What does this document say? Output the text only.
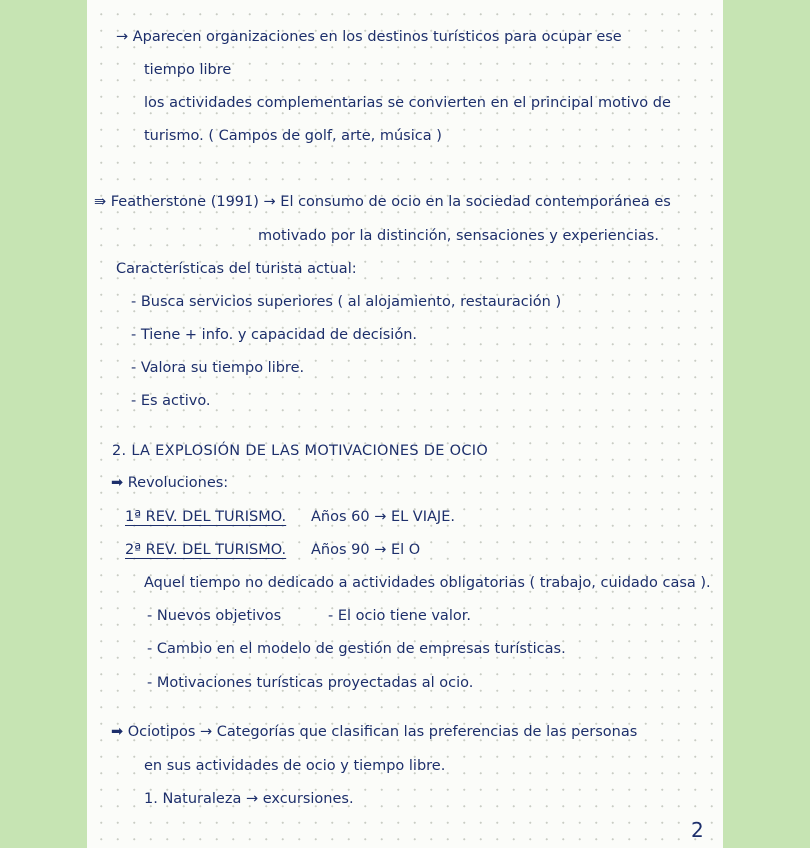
→ Aparecen organizaciones en los destinos turísticos para ocupar ese

tiempo libre

los actividades complementarias se convierten en el principal motivo de

turismo. ( Campos de golf, arte, música )

⇛ Featherstone (1991) → El consumo de ocio en la sociedad contemporánea es

motivado por la distinción, sensaciones y experiencias.

Características del turista actual:

- Busca servicios superiores ( al alojamiento, restauración )

- Tiene + info. y capacidad de decisión.

- Valora su tiempo libre.

- Es activo.

2. LA EXPLOSIÓN DE LAS MOTIVACIONES DE OCIO

➡ Revoluciones:

1ª REV. DEL TURISMO. Años 60 → EL VIAJE.

2ª REV. DEL TURISMO. Años 90 → El O

Aquel tiempo no dedicado a actividades obligatorias ( trabajo, cuidado casa ).

- Nuevos objetivos	- El ocio tiene valor.

- Cambio en el modelo de gestión de empresas turísticas.

- Motivaciones turísticas proyectadas al ocio.

➡ Ociotipos → Categorías que clasifican las preferencias de las personas

en sus actividades de ocio y tiempo libre.

1. Naturaleza → excursiones.

2
